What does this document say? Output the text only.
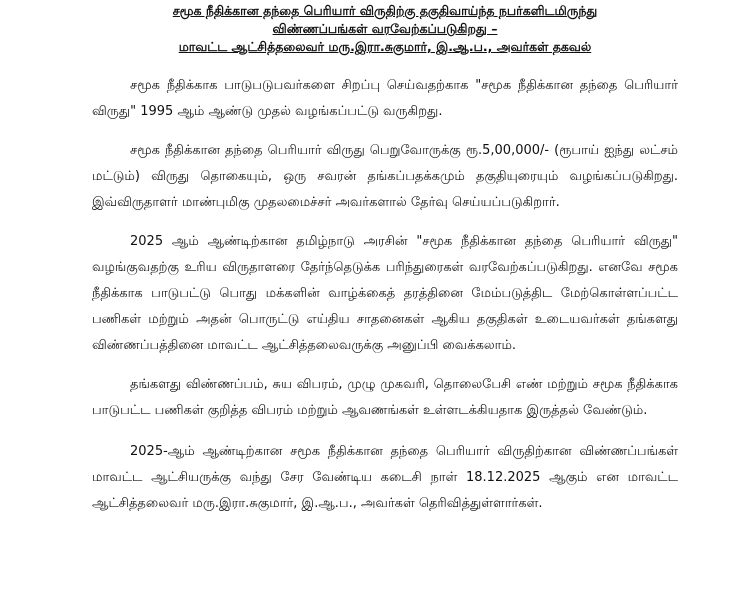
சமூக நீதிக்கான தந்தை பெரியார் விருதிற்கு தகுதிவாய்ந்த நபர்களிடமிருந்து
விண்ணப்பங்கள் வரவேற்கப்படுகிறது –
மாவட்ட ஆட்சித்தலைவர் மரு.இரா.சுகுமார், இ.ஆ.ப., அவர்கள் தகவல்

சமூக நீதிக்காக பாடுபடுபவர்களை சிறப்பு செய்வதற்காக "சமூக நீதிக்கான தந்தை பெரியார் விருது" 1995 ஆம் ஆண்டு முதல் வழங்கப்பட்டு வருகிறது.

சமூக நீதிக்கான தந்தை பெரியார் விருது பெறுவோருக்கு ரூ.5,00,000/- (ரூபாய் ஐந்து லட்சம் மட்டும்) விருது தொகையும், ஒரு சவரன் தங்கப்பதக்கமும் தகுதியுரையும் வழங்கப்படுகிறது. இவ்விருதாளர் மாண்புமிகு முதலமைச்சர் அவர்களால் தேர்வு செய்யப்படுகிறார்.

2025 ஆம் ஆண்டிற்கான தமிழ்நாடு அரசின் "சமூக நீதிக்கான தந்தை பெரியார் விருது" வழங்குவதற்கு உரிய விருதாளரை தேர்ந்தெடுக்க பரிந்துரைகள் வரவேற்கப்படுகிறது. எனவே சமூக நீதிக்காக பாடுபட்டு பொது மக்களின் வாழ்க்கைத் தரத்தினை மேம்படுத்திட மேற்கொள்ளப்பட்ட பணிகள் மற்றும் அதன் பொருட்டு எய்திய சாதனைகள் ஆகிய தகுதிகள் உடையவர்கள் தங்களது விண்ணப்பத்தினை மாவட்ட ஆட்சித்தலைவருக்கு அனுப்பி வைக்கலாம்.

தங்களது விண்ணப்பம், சுய விபரம், முழு முகவரி, தொலைபேசி எண் மற்றும் சமூக நீதிக்காக பாடுபட்ட பணிகள் குறித்த விபரம் மற்றும் ஆவணங்கள் உள்ளடக்கியதாக இருத்தல் வேண்டும்.

2025-ஆம் ஆண்டிற்கான சமூக நீதிக்கான தந்தை பெரியார் விருதிற்கான விண்ணப்பங்கள் மாவட்ட ஆட்சியருக்கு வந்து சேர வேண்டிய கடைசி நாள் 18.12.2025 ஆகும் என மாவட்ட ஆட்சித்தலைவர் மரு.இரா.சுகுமார், இ.ஆ.ப., அவர்கள் தெரிவித்துள்ளார்கள்.
